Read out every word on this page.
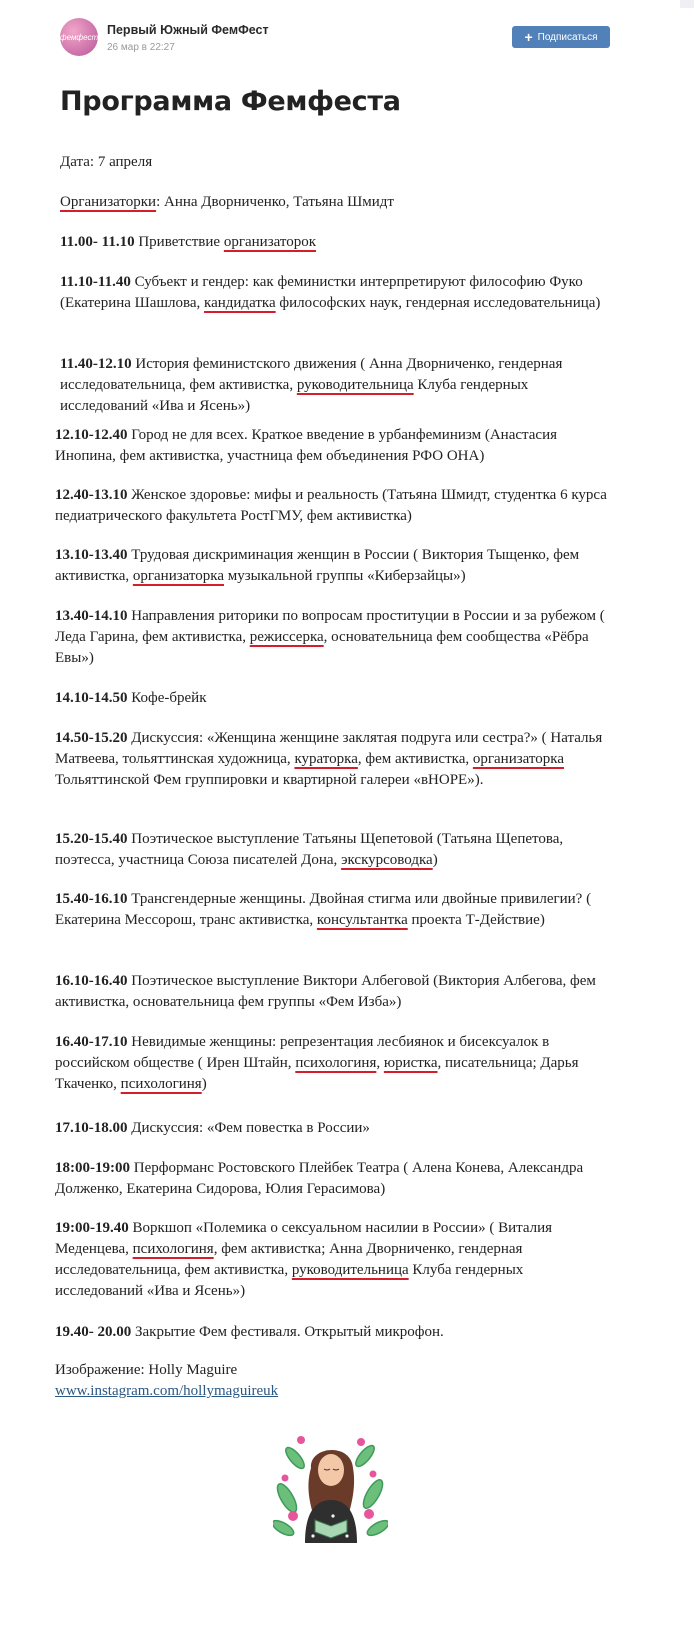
фемфест Первый Южный ФемФест
26 мар в 22:27
+ Подписаться
Программа Фемфеста
Дата: 7 апреля
Организаторки: Анна Дворниченко, Татьяна Шмидт
11.00- 11.10 Приветствие организаторок
11.10-11.40 Субъект и гендер: как феминистки интерпретируют философию Фуко (Екатерина Шашлова, кандидатка философских наук, гендерная исследовательница)
11.40-12.10 История феминистского движения ( Анна Дворниченко, гендерная исследовательница, фем активистка, руководительница Клуба гендерных исследований «Ива и Ясень»)
12.10-12.40 Город не для всех. Краткое введение в урбанфеминизм (Анастасия Инопина, фем активистка, участница фем объединения РФО ОНА)
12.40-13.10 Женское здоровье: мифы и реальность (Татьяна Шмидт, студентка 6 курса педиатрического факультета РостГМУ, фем активистка)
13.10-13.40 Трудовая дискриминация женщин в России ( Виктория Тыщенко, фем активистка, организаторка музыкальной группы «Киберзайцы»)
13.40-14.10 Направления риторики по вопросам проституции в России и за рубежом ( Леда Гарина, фем активистка, режиссерка, основательница фем сообщества «Рёбра Евы»)
14.10-14.50 Кофе-брейк
14.50-15.20 Дискуссия: «Женщина женщине заклятая подруга или сестра?» ( Наталья Матвеева, тольяттинская художница, кураторка, фем активистка, организаторка Тольяттинской Фем группировки и квартирной галереи «вНОРЕ»).
15.20-15.40 Поэтическое выступление Татьяны Щепетовой (Татьяна Щепетова, поэтесса, участница Союза писателей Дона, экскурсоводка)
15.40-16.10 Трансгендерные женщины. Двойная стигма или двойные привилегии? ( Екатерина Мессорош, транс активистка, консультантка проекта Т-Действие)
16.10-16.40 Поэтическое выступление Виктори Албеговой (Виктория Албегова, фем активистка, основательница фем группы «Фем Изба»)
16.40-17.10 Невидимые женщины: репрезентация лесбиянок и бисексуалок в российском обществе ( Ирен Штайн, психологиня, юристка, писательница; Дарья Ткаченко, психологиня)
17.10-18.00 Дискуссия: «Фем повестка в России»
18:00-19:00 Перформанс Ростовского Плейбек Театра ( Алена Конева, Александра Долженко, Екатерина Сидорова, Юлия Герасимова)
19:00-19.40 Воркшоп «Полемика о сексуальном насилии в России» ( Виталия Меденцева, психологиня, фем активистка; Анна Дворниченко, гендерная исследовательница, фем активистка, руководительница Клуба гендерных исследований «Ива и Ясень»)
19.40- 20.00 Закрытие Фем фестиваля. Открытый микрофон.
Изображение: Holly Maguire
www.instagram.com/hollymaguireuk
